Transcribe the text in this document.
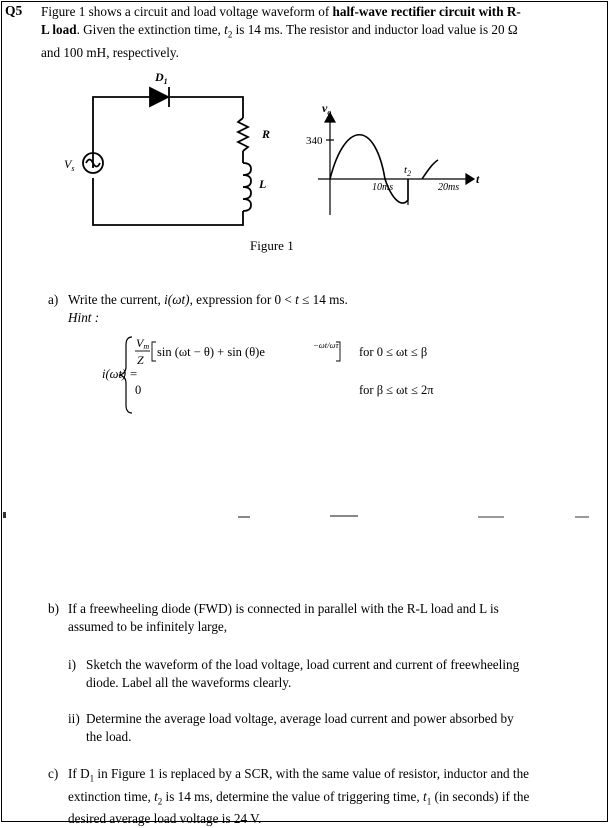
Q5 Figure 1 shows a circuit and load voltage waveform of half-wave rectifier circuit with R-
L load. Given the extinction time, $t_2$ is 14 ms. The resistor and inductor load value is 20 Ω
and 100 mH, respectively.
$D_1$
R
L
$V_s$
$v_o$
340
$t_2$
10ms	20ms
t
Figure 1
a) Write the current, i(ωt), expression for 0 < t ≤ 14 ms.
Hint :
i(ωt) =
Vm
Z
sin (ωt − θ) + sin (θ)e	−ωt/ωτ for 0 ≤ ωt ≤ β
0	for β ≤ ωt ≤ 2π
b) If a freewheeling diode (FWD) is connected in parallel with the R-L load and L is
assumed to be infinitely large,
i) Sketch the waveform of the load voltage, load current and current of freewheeling
diode. Label all the waveforms clearly.
ii) Determine the average load voltage, average load current and power absorbed by
the load.
c) If $D_1$ in Figure 1 is replaced by a SCR, with the same value of resistor, inductor and the
extinction time, $t_2$ is 14 ms, determine the value of triggering time, $t_1$ (in seconds) if the
desired average load voltage is 24 V.
